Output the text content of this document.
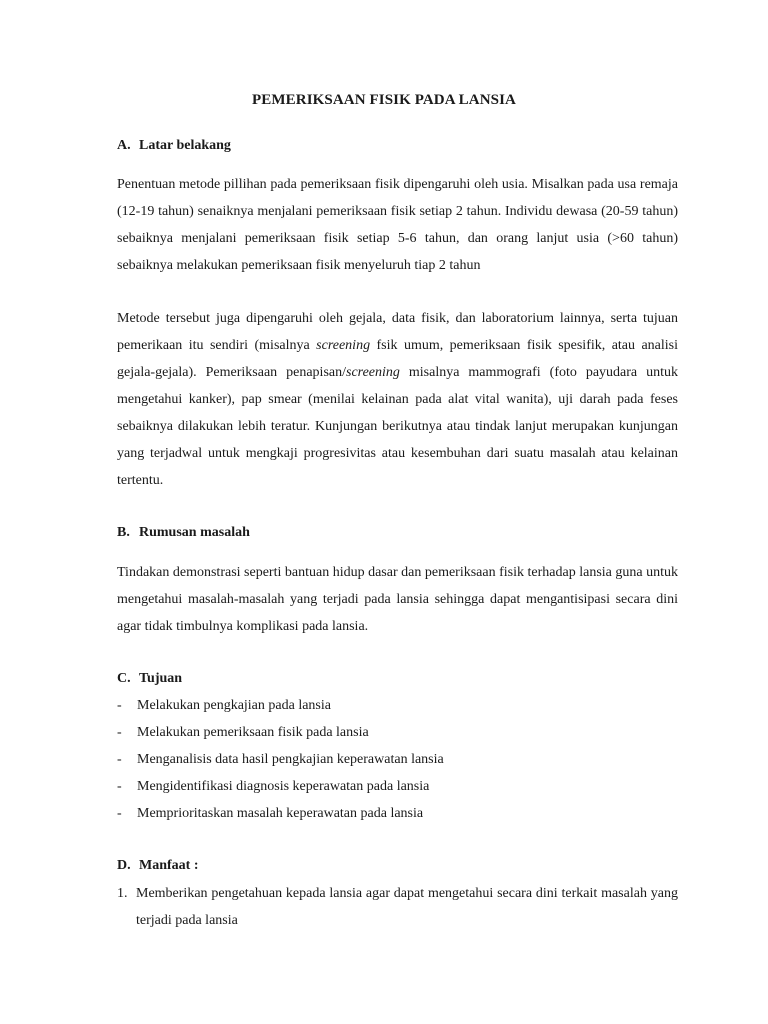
PEMERIKSAAN FISIK PADA LANSIA
A. Latar belakang

Penentuan metode pillihan pada pemeriksaan fisik dipengaruhi oleh usia. Misalkan pada usa remaja (12-19 tahun) senaiknya menjalani pemeriksaan fisik setiap 2 tahun. Individu dewasa (20-59 tahun) sebaiknya menjalani pemeriksaan fisik setiap 5-6 tahun, dan orang lanjut usia (>60 tahun) sebaiknya melakukan pemeriksaan fisik menyeluruh tiap 2 tahun

Metode tersebut juga dipengaruhi oleh gejala, data fisik, dan laboratorium lainnya, serta tujuan pemerikaan itu sendiri (misalnya screening fsik umum, pemeriksaan fisik spesifik, atau analisi gejala-gejala). Pemeriksaan penapisan/screening misalnya mammografi (foto payudara untuk mengetahui kanker), pap smear (menilai kelainan pada alat vital wanita), uji darah pada feses sebaiknya dilakukan lebih teratur. Kunjungan berikutnya atau tindak lanjut merupakan kunjungan yang terjadwal untuk mengkaji progresivitas atau kesembuhan dari suatu masalah atau kelainan tertentu.

B. Rumusan masalah

Tindakan demonstrasi seperti bantuan hidup dasar dan pemeriksaan fisik terhadap lansia guna untuk mengetahui masalah-masalah yang terjadi pada lansia sehingga dapat mengantisipasi secara dini agar tidak timbulnya komplikasi pada lansia.

C. Tujuan
- Melakukan pengkajian pada lansia
- Melakukan pemeriksaan fisik pada lansia
- Menganalisis data hasil pengkajian keperawatan lansia
- Mengidentifikasi diagnosis keperawatan pada lansia
- Memprioritaskan masalah keperawatan pada lansia
D. Manfaat :
1. Memberikan pengetahuan kepada lansia agar dapat mengetahui secara dini terkait masalah yang terjadi pada lansia
